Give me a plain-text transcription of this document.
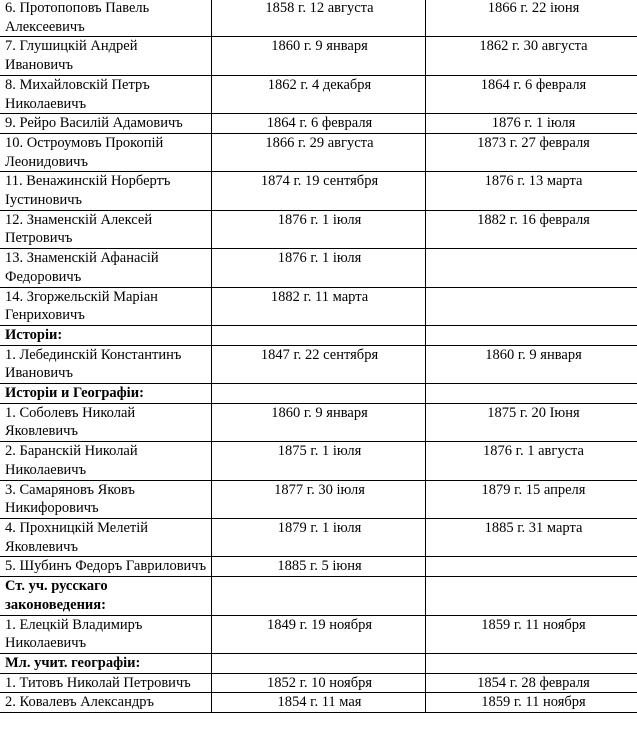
6. Протопоповъ Павель Алексеевичъ	1858 г. 12 августа	1866 г. 22 іюня
7. Глушицкій Андрей Ивановичъ	1860 г. 9 января	1862 г. 30 августа
8. Михайловскій Петръ Николаевичъ	1862 г. 4 декабря	1864 г. 6 февраля
9. Рейро Василій Адамовичъ	1864 г. 6 февраля	1876 г. 1 іюля
10. Остроумовъ Прокопій Леонидовичъ	1866 г. 29 августа	1873 г. 27 февраля
11. Венажинскій Норбертъ Іустиновичъ	1874 г. 19 сентября	1876 г. 13 марта
12. Знаменскій Алексей Петровичъ	1876 г. 1 іюля	1882 г. 16 февраля
13. Знаменскій Афанасій Федоровичъ	1876 г. 1 іюля	
14. Згоржельскій Маріан Генриховичъ	1882 г. 11 марта	
Исторіи:		
1. Лебединскій Константинъ Ивановичъ	1847 г. 22 сентября	1860 г. 9 января
Исторіи и Географіи:		
1. Соболевъ Николай Яковлевичъ	1860 г. 9 января	1875 г. 20 Іюня
2. Баранскій Николай Николаевичъ	1875 г. 1 іюля	1876 г. 1 августа
3. Самаряновъ Яковъ Никифоровичъ	1877 г. 30 іюля	1879 г. 15 апреля
4. Прохницкій Мелетій Яковлевичъ	1879 г. 1 іюля	1885 г. 31 марта
5. Шубинъ Федоръ Гавриловичъ	1885 г. 5 іюня	
Ст. уч. русскаго законоведения:		
1. Елецкій Владимиръ Николаевичъ	1849 г. 19 ноября	1859 г. 11 ноября
Мл. учит. географіи:		
1. Титовъ Николай Петровичъ	1852 г. 10 ноября	1854 г. 28 февраля
2. Ковалевъ Александръ	1854 г. 11 мая	1859 г. 11 ноября
